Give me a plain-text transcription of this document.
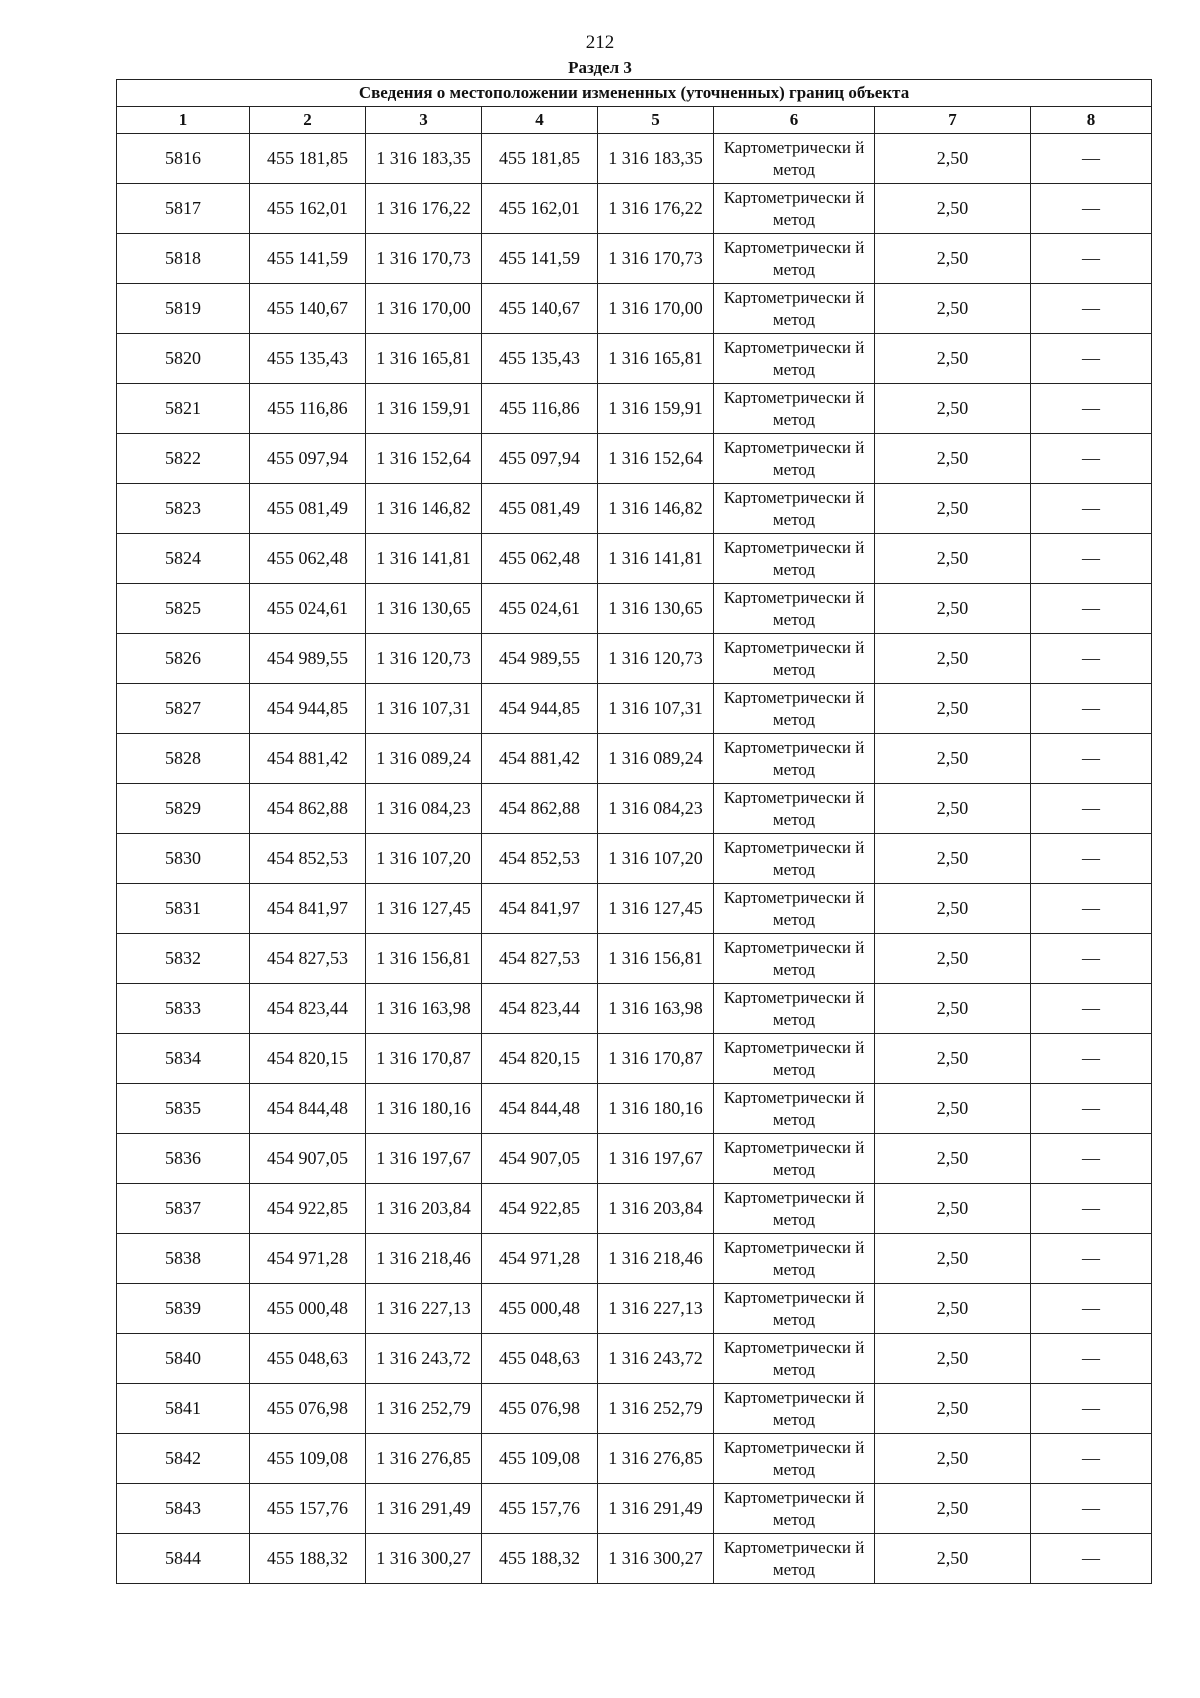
212
Раздел 3
Сведения о местоположении измененных (уточненных) границ объекта							
1	2	3	4	5	6	7	8
5816	455 181,85	1 316 183,35	455 181,85	1 316 183,35	Картометрически й метод	2,50	—
5817	455 162,01	1 316 176,22	455 162,01	1 316 176,22	Картометрически й метод	2,50	—
5818	455 141,59	1 316 170,73	455 141,59	1 316 170,73	Картометрически й метод	2,50	—
5819	455 140,67	1 316 170,00	455 140,67	1 316 170,00	Картометрически й метод	2,50	—
5820	455 135,43	1 316 165,81	455 135,43	1 316 165,81	Картометрически й метод	2,50	—
5821	455 116,86	1 316 159,91	455 116,86	1 316 159,91	Картометрически й метод	2,50	—
5822	455 097,94	1 316 152,64	455 097,94	1 316 152,64	Картометрически й метод	2,50	—
5823	455 081,49	1 316 146,82	455 081,49	1 316 146,82	Картометрически й метод	2,50	—
5824	455 062,48	1 316 141,81	455 062,48	1 316 141,81	Картометрически й метод	2,50	—
5825	455 024,61	1 316 130,65	455 024,61	1 316 130,65	Картометрически й метод	2,50	—
5826	454 989,55	1 316 120,73	454 989,55	1 316 120,73	Картометрически й метод	2,50	—
5827	454 944,85	1 316 107,31	454 944,85	1 316 107,31	Картометрически й метод	2,50	—
5828	454 881,42	1 316 089,24	454 881,42	1 316 089,24	Картометрически й метод	2,50	—
5829	454 862,88	1 316 084,23	454 862,88	1 316 084,23	Картометрически й метод	2,50	—
5830	454 852,53	1 316 107,20	454 852,53	1 316 107,20	Картометрически й метод	2,50	—
5831	454 841,97	1 316 127,45	454 841,97	1 316 127,45	Картометрически й метод	2,50	—
5832	454 827,53	1 316 156,81	454 827,53	1 316 156,81	Картометрически й метод	2,50	—
5833	454 823,44	1 316 163,98	454 823,44	1 316 163,98	Картометрически й метод	2,50	—
5834	454 820,15	1 316 170,87	454 820,15	1 316 170,87	Картометрически й метод	2,50	—
5835	454 844,48	1 316 180,16	454 844,48	1 316 180,16	Картометрически й метод	2,50	—
5836	454 907,05	1 316 197,67	454 907,05	1 316 197,67	Картометрически й метод	2,50	—
5837	454 922,85	1 316 203,84	454 922,85	1 316 203,84	Картометрически й метод	2,50	—
5838	454 971,28	1 316 218,46	454 971,28	1 316 218,46	Картометрически й метод	2,50	—
5839	455 000,48	1 316 227,13	455 000,48	1 316 227,13	Картометрически й метод	2,50	—
5840	455 048,63	1 316 243,72	455 048,63	1 316 243,72	Картометрически й метод	2,50	—
5841	455 076,98	1 316 252,79	455 076,98	1 316 252,79	Картометрически й метод	2,50	—
5842	455 109,08	1 316 276,85	455 109,08	1 316 276,85	Картометрически й метод	2,50	—
5843	455 157,76	1 316 291,49	455 157,76	1 316 291,49	Картометрически й метод	2,50	—
5844	455 188,32	1 316 300,27	455 188,32	1 316 300,27	Картометрически й метод	2,50	—
